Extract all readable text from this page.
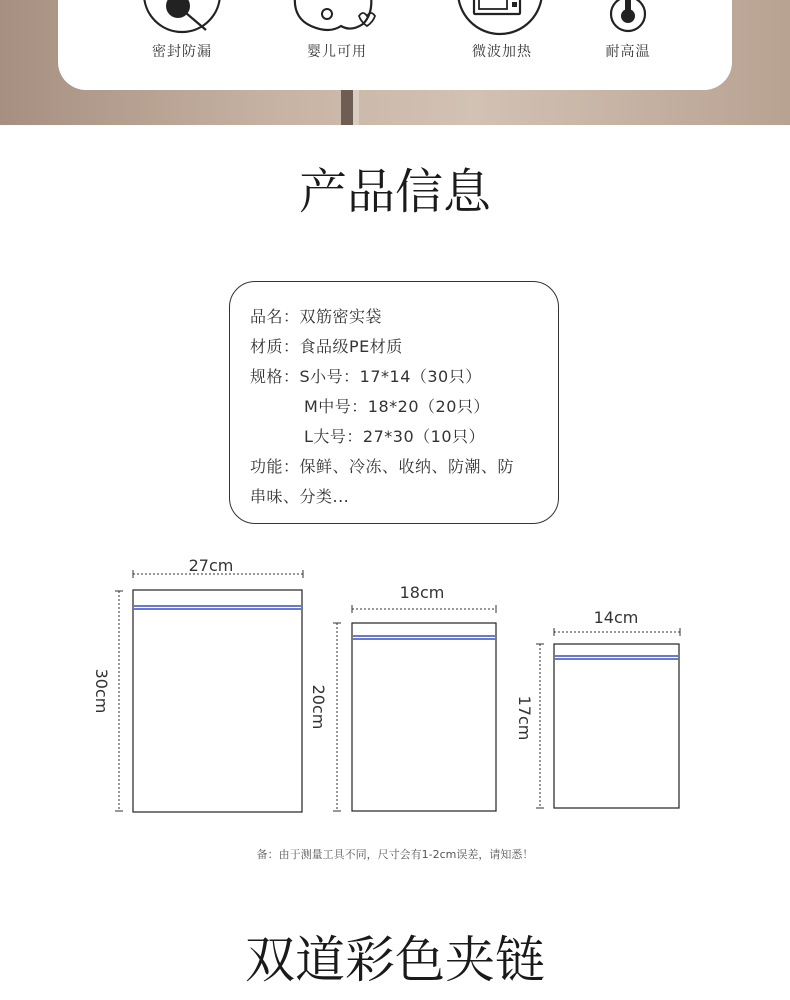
密封防漏	婴儿可用	微波加热	耐高温
产品信息
品名：双筋密实袋
材质：食品级PE材质
规格：S小号：17*14（30只）
M中号：18*20（20只）
L大号：27*30（10只）
功能：保鲜、冷冻、收纳、防潮、防
串味、分类...
27cm
30cm
18cm
20cm
14cm
17cm
备：由于测量工具不同，尺寸会有1-2cm误差，请知悉！
双道彩色夹链
